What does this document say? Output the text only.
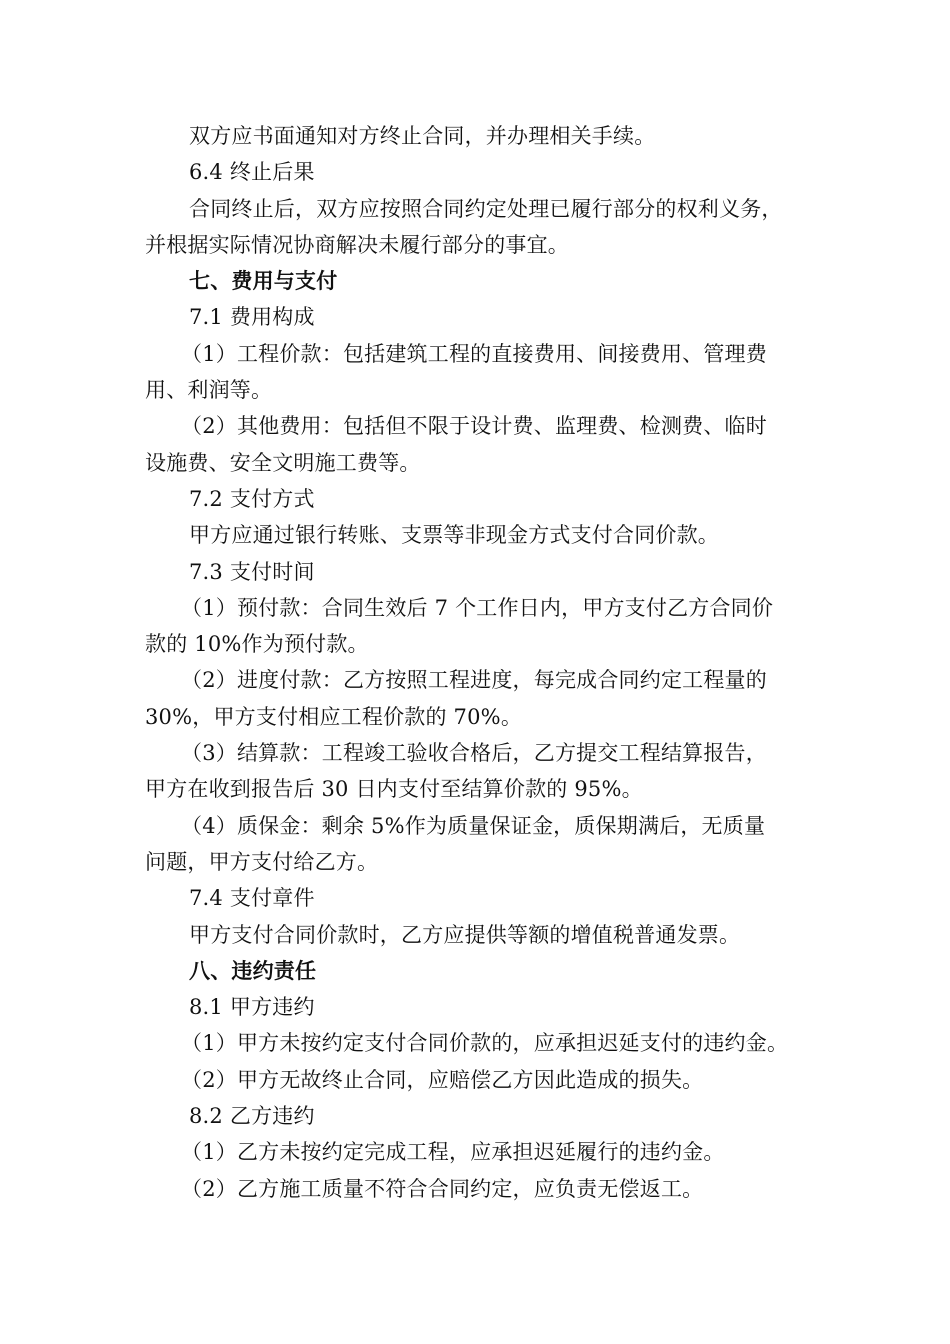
双方应书面通知对方终止合同，并办理相关手续。
6.4 终止后果
合同终止后，双方应按照合同约定处理已履行部分的权利义务，
并根据实际情况协商解决未履行部分的事宜。
七、费用与支付
7.1 费用构成
（1）工程价款：包括建筑工程的直接费用、间接费用、管理费
用、利润等。
（2）其他费用：包括但不限于设计费、监理费、检测费、临时
设施费、安全文明施工费等。
7.2 支付方式
甲方应通过银行转账、支票等非现金方式支付合同价款。
7.3 支付时间
（1）预付款：合同生效后 7 个工作日内，甲方支付乙方合同价
款的 10%作为预付款。
（2）进度付款：乙方按照工程进度，每完成合同约定工程量的
30%，甲方支付相应工程价款的 70%。
（3）结算款：工程竣工验收合格后，乙方提交工程结算报告，
甲方在收到报告后 30 日内支付至结算价款的 95%。
（4）质保金：剩余 5%作为质量保证金，质保期满后，无质量
问题，甲方支付给乙方。
7.4 支付章件
甲方支付合同价款时，乙方应提供等额的增值税普通发票。
八、违约责任
8.1 甲方违约
（1）甲方未按约定支付合同价款的，应承担迟延支付的违约金。
（2）甲方无故终止合同，应赔偿乙方因此造成的损失。
8.2 乙方违约
（1）乙方未按约定完成工程，应承担迟延履行的违约金。
（2）乙方施工质量不符合合同约定，应负责无偿返工。
